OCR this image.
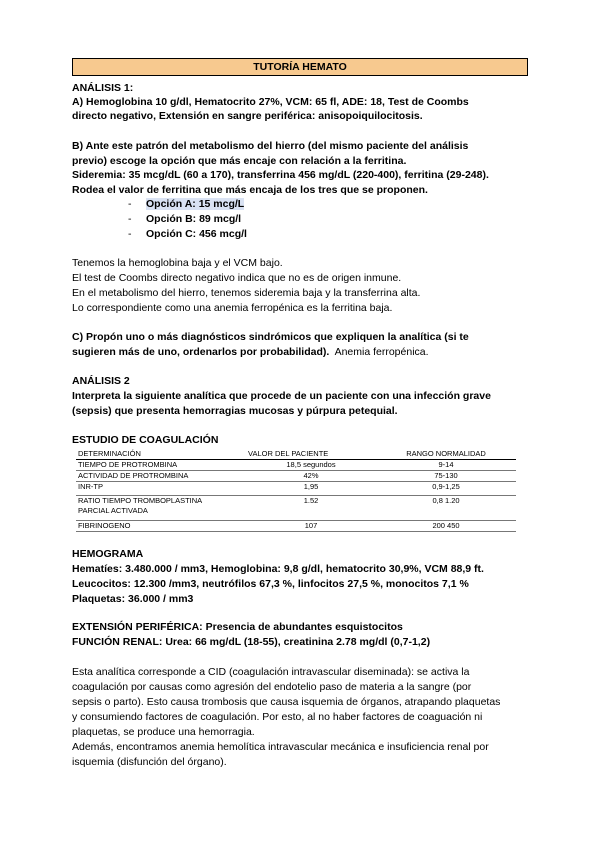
TUTORÍA HEMATO
ANÁLISIS 1:
A) Hemoglobina 10 g/dl, Hematocrito 27%, VCM: 65 fl, ADE: 18, Test de Coombs
directo negativo, Extensión en sangre periférica: anisopoiquilocitosis.
B) Ante este patrón del metabolismo del hierro (del mismo paciente del análisis
previo) escoge la opción que más encaje con relación a la ferritina.
Sideremia: 35 mcg/dL (60 a 170), transferrina 456 mg/dL (220-400), ferritina (29-248).
Rodea el valor de ferritina que más encaja de los tres que se proponen.
- Opción A: 15 mcg/L
- Opción B: 89 mcg/l
- Opción C: 456 mcg/l
Tenemos la hemoglobina baja y el VCM bajo.
El test de Coombs directo negativo indica que no es de origen inmune.
En el metabolismo del hierro, tenemos sideremia baja y la transferrina alta.
Lo correspondiente como una anemia ferropénica es la ferritina baja.
C) Propón uno o más diagnósticos sindrómicos que expliquen la analítica (si te
sugieren más de uno, ordenarlos por probabilidad). Anemia ferropénica.
ANÁLISIS 2
Interpreta la siguiente analítica que procede de un paciente con una infección grave
(sepsis) que presenta hemorragias mucosas y púrpura petequial.
ESTUDIO DE COAGULACIÓN
DETERMINACIÓN	VALOR DEL PACIENTE	RANGO NORMALIDAD
TIEMPO DE PROTROMBINA	18,5 segundos	9-14
ACTIVIDAD DE PROTROMBINA	42%	75-130
INR-TP	1,95	0,9-1,25
RATIO TIEMPO TROMBOPLASTINA	1.52	0,8 1.20
PARCIAL ACTIVADA		
FIBRINOGENO	107	200 450
HEMOGRAMA
Hematíes: 3.480.000 / mm3, Hemoglobina: 9,8 g/dl, hematocrito 30,9%, VCM 88,9 ft.
Leucocitos: 12.300 /mm3, neutrófilos 67,3 %, linfocitos 27,5 %, monocitos 7,1 %
Plaquetas: 36.000 / mm3
EXTENSIÓN PERIFÉRICA: Presencia de abundantes esquistocitos
FUNCIÓN RENAL: Urea: 66 mg/dL (18-55), creatinina 2.78 mg/dl (0,7-1,2)
Esta analítica corresponde a CID (coagulación intravascular diseminada): se activa la
coagulación por causas como agresión del endotelio paso de materia a la sangre (por
sepsis o parto). Esto causa trombosis que causa isquemia de órganos, atrapando plaquetas
y consumiendo factores de coagulación. Por esto, al no haber factores de coaguación ni
plaquetas, se produce una hemorragia.
Además, encontramos anemia hemolítica intravascular mecánica e insuficiencia renal por
isquemia (disfunción del órgano).
